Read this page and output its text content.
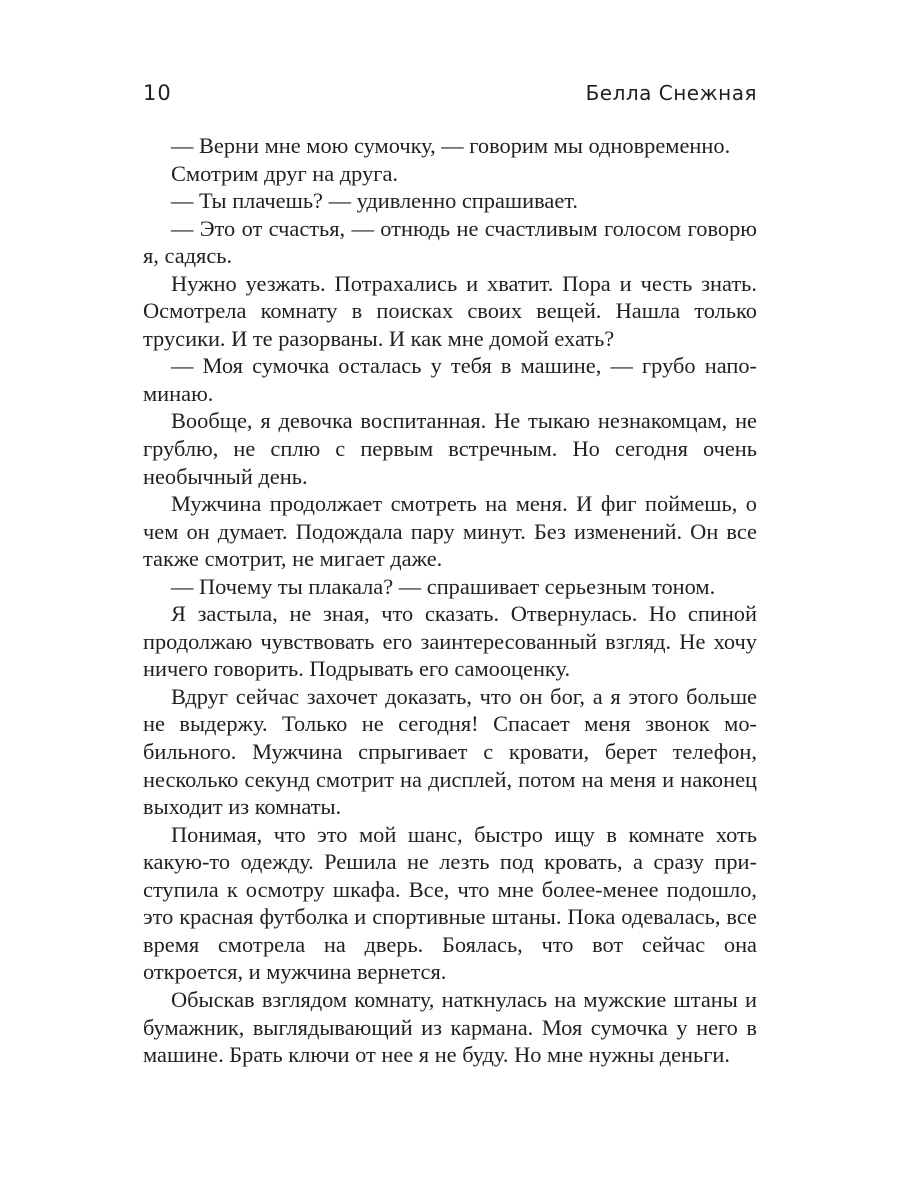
10	Белла Снежная

— Верни мне мою сумочку, — говорим мы одновременно.

Смотрим друг на друга.

— Ты плачешь? — удивленно спрашивает.

— Это от счастья, — отнюдь не счастливым голосом говорю я, садясь.

Нужно уезжать. Потрахались и хватит. Пора и честь знать. Осмотрела комнату в поисках своих вещей. Нашла только трусики. И те разорваны. И как мне домой ехать?

— Моя сумочка осталась у тебя в машине, — грубо напоминаю.

Вообще, я девочка воспитанная. Не тыкаю незнакомцам, не грублю, не сплю с первым встречным. Но сегодня очень необычный день.

Мужчина продолжает смотреть на меня. И фиг поймешь, о чем он думает. Подождала пару минут. Без изменений. Он все также смотрит, не мигает даже.

— Почему ты плакала? — спрашивает серьезным тоном.

Я застыла, не зная, что сказать. Отвернулась. Но спиной продолжаю чувствовать его заинтересованный взгляд. Не хочу ничего говорить. Подрывать его самооценку.

Вдруг сейчас захочет доказать, что он бог, а я этого больше не выдержу. Только не сегодня! Спасает меня звонок мобильного. Мужчина спрыгивает с кровати, берет телефон, несколько секунд смотрит на дисплей, потом на меня и наконец выходит из комнаты.

Понимая, что это мой шанс, быстро ищу в комнате хоть какую-то одежду. Решила не лезть под кровать, а сразу приступила к осмотру шкафа. Все, что мне более-менее подошло, это красная футболка и спортивные штаны. Пока одевалась, все время смотрела на дверь. Боялась, что вот сейчас она откроется, и мужчина вернется.

Обыскав взглядом комнату, наткнулась на мужские штаны и бумажник, выглядывающий из кармана. Моя сумочка у него в машине. Брать ключи от нее я не буду. Но мне нужны деньги.
